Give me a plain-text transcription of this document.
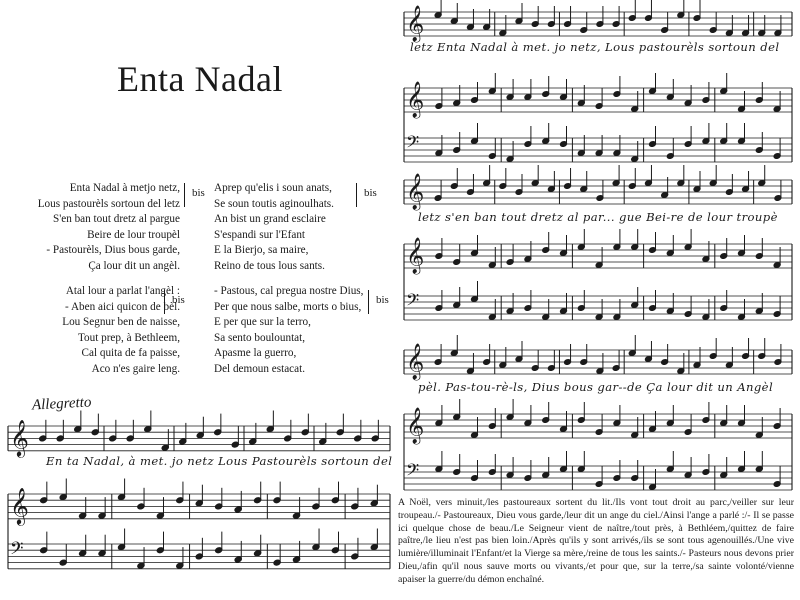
Enta Nadal
Enta Nadal à metjo netz,
Lous pastourèls sortoun del letz
S'en ban tout dretz al pargue
Beire de lour troupèl
- Pastourèls, Dius bous garde,
Ça lour dit un angèl.
bis Aprep qu'elis i soun anats,
Se soun toutis aginoulhats.
An bist un grand esclaire
S'espandi sur l'Efant
E la Bierjo, sa maire,
Reino de tous lous sants.
bis
Atal lour a parlat l'angèl :
- Aben aici quicon de bèl.
Lou Segnur ben de naisse,
Tout prep, à Bethleem,
Cal quita de fa paisse,
Aco n'es gaire leng.
bis
- Pastous, cal pregua nostre Dius,
Per que nous salbe, morts o bius,
E per que sur la terro,
Sa sento boulountat,
Apasme la guerro,
Del demoun estacat.
bis
𝄞
𝄞
𝄢
𝄞
𝄞
𝄢
𝄞
𝄞
𝄢
𝄞
𝄞
𝄢
Allegretto
En ta Nadal, à met. jo netz Lous Pastourèls sortoun del
letz Enta Nadal à met. jo netz, Lous pastourèls sortoun del
letz s'en ban tout dretz al par... gue Bei-re de lour troupè
pèl. Pas-tou-rè-ls, Dius bous gar--de Ça lour dit un Angèl
A Noël, vers minuit,/les pastoureaux sortent du lit./Ils vont tout droit au parc,/veiller sur leur troupeau./- Pastoureaux, Dieu vous garde,/leur dit un ange du ciel./Ainsi l'ange a parlé :/- Il se passe ici quelque chose de beau./Le Seigneur vient de naître,/tout près, à Bethléem,/quittez de faire paître,/le lieu n'est pas bien loin./Après qu'ils y sont arrivés,/ils se sont tous agenouillés./Une vive lumière/illuminait l'Enfant/et la Vierge sa mère,/reine de tous les saints./- Pasteurs nous devons prier Dieu,/afin qu'il nous sauve morts ou vivants,/et pour que, sur la terre,/sa sainte volonté/vienne apaiser la guerre/du démon enchaîné.
